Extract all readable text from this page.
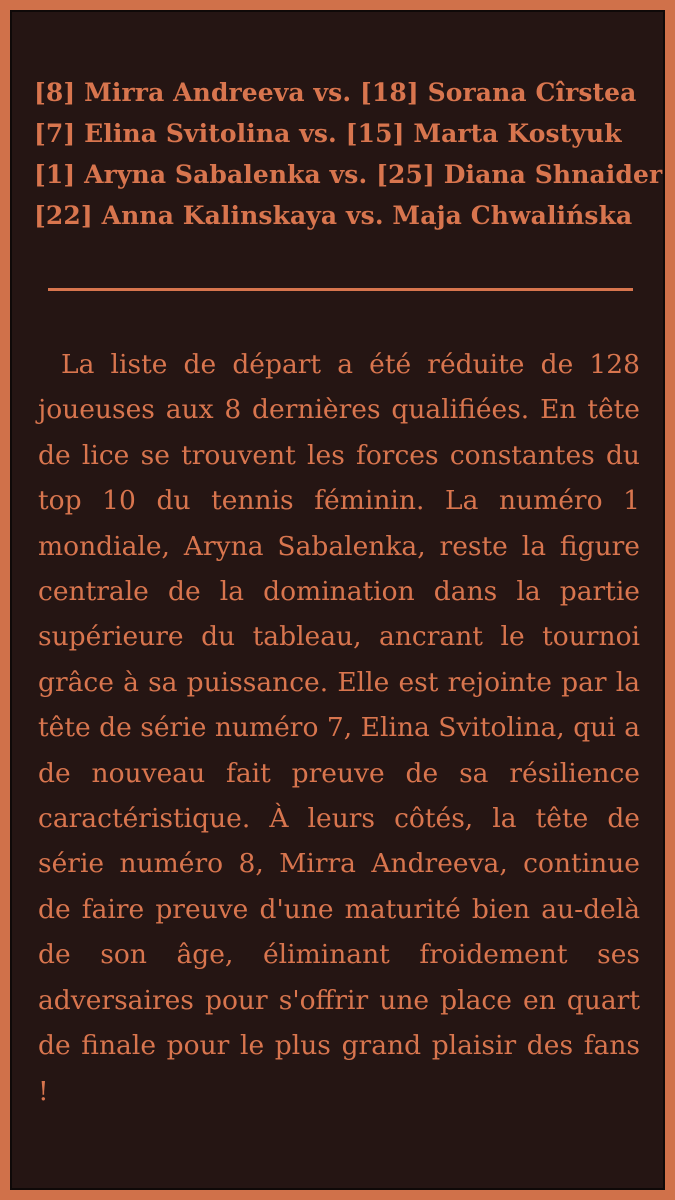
[8] Mirra Andreeva vs. [18] Sorana Cîrstea
[7] Elina Svitolina vs. [15] Marta Kostyuk
[1] Aryna Sabalenka vs. [25] Diana Shnaider
[22] Anna Kalinskaya vs. Maja Chwalińska

La liste de départ a été réduite de 128 joueuses aux 8 dernières qualifiées. En tête de lice se trouvent les forces constantes du top 10 du tennis féminin. La numéro 1 mondiale, Aryna Sabalenka, reste la figure centrale de la domination dans la partie supérieure du tableau, ancrant le tournoi grâce à sa puissance. Elle est rejointe par la tête de série numéro 7, Elina Svitolina, qui a de nouveau fait preuve de sa résilience caractéristique. À leurs côtés, la tête de série numéro 8, Mirra Andreeva, continue de faire preuve d'une maturité bien au-delà de son âge, éliminant froidement ses adversaires pour s'offrir une place en quart de finale pour le plus grand plaisir des fans !
